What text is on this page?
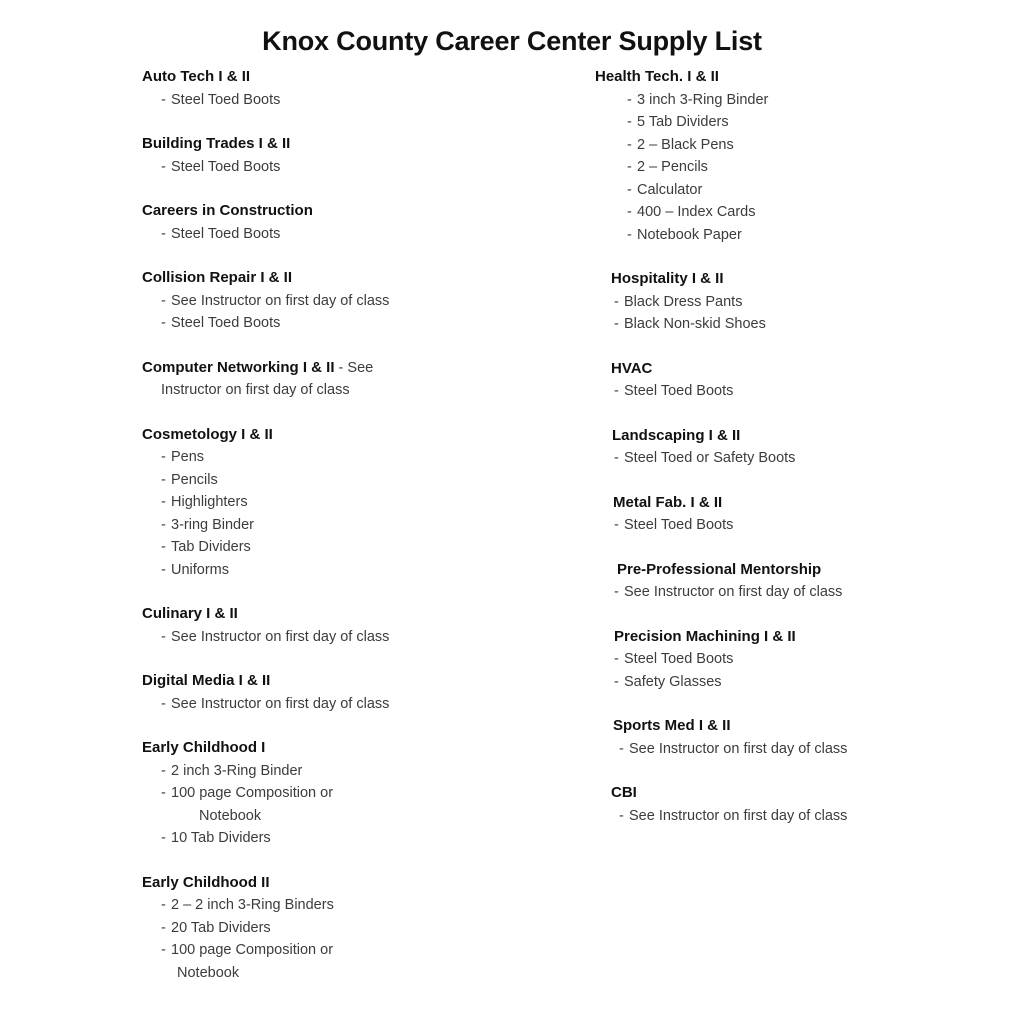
Knox County Career Center Supply List
Auto Tech I & II
- Steel Toed Boots
Building Trades I & II
- Steel Toed Boots
Careers in Construction
- Steel Toed Boots
Collision Repair I & II
- See Instructor on first day of class
- Steel Toed Boots
Computer Networking I & II - See
Instructor on first day of class
Cosmetology I & II
- Pens
- Pencils
- Highlighters
- 3-ring Binder
- Tab Dividers
- Uniforms
Culinary I & II
- See Instructor on first day of class
Digital Media I & II
- See Instructor on first day of class
Early Childhood I
- 2 inch 3-Ring Binder
- 100 page Composition or
Notebook
- 10 Tab Dividers
Early Childhood II
- 2 – 2 inch 3-Ring Binders
- 20 Tab Dividers
- 100 page Composition or
Notebook
Health Tech. I & II
- 3 inch 3-Ring Binder
- 5 Tab Dividers
- 2 – Black Pens
- 2 – Pencils
- Calculator
- 400 – Index Cards
- Notebook Paper
Hospitality I & II
- Black Dress Pants
- Black Non-skid Shoes
HVAC
- Steel Toed Boots
Landscaping I & II
- Steel Toed or Safety Boots
Metal Fab. I & II
- Steel Toed Boots
Pre-Professional Mentorship
- See Instructor on first day of class
Precision Machining I & II
- Steel Toed Boots
- Safety Glasses
Sports Med I & II
- See Instructor on first day of class
CBI
- See Instructor on first day of class
